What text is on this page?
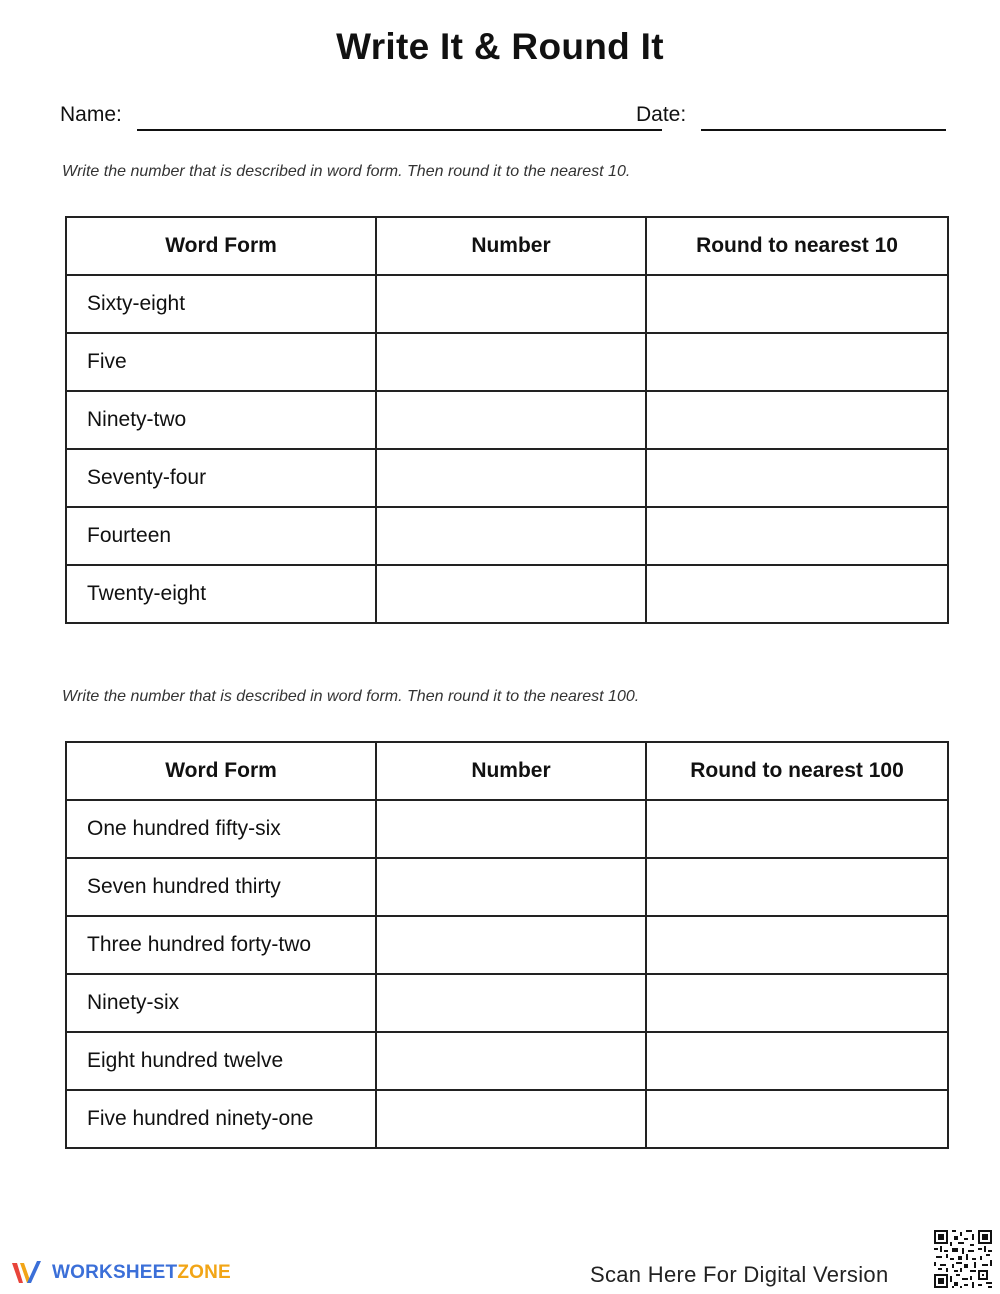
Write It & Round It
Name:	Date:
Write the number that is described in word form. Then round it to the nearest 10.
Word Form	Number	Round to nearest 10
Sixty-eight		
Five		
Ninety-two		
Seventy-four		
Fourteen		
Twenty-eight		
Write the number that is described in word form. Then round it to the nearest 100.
Word Form	Number	Round to nearest 100
One hundred fifty-six		
Seven hundred thirty		
Three hundred forty-two		
Ninety-six		
Eight hundred twelve		
Five hundred ninety-one		
WORKSHEETZONE	Scan Here For Digital Version
